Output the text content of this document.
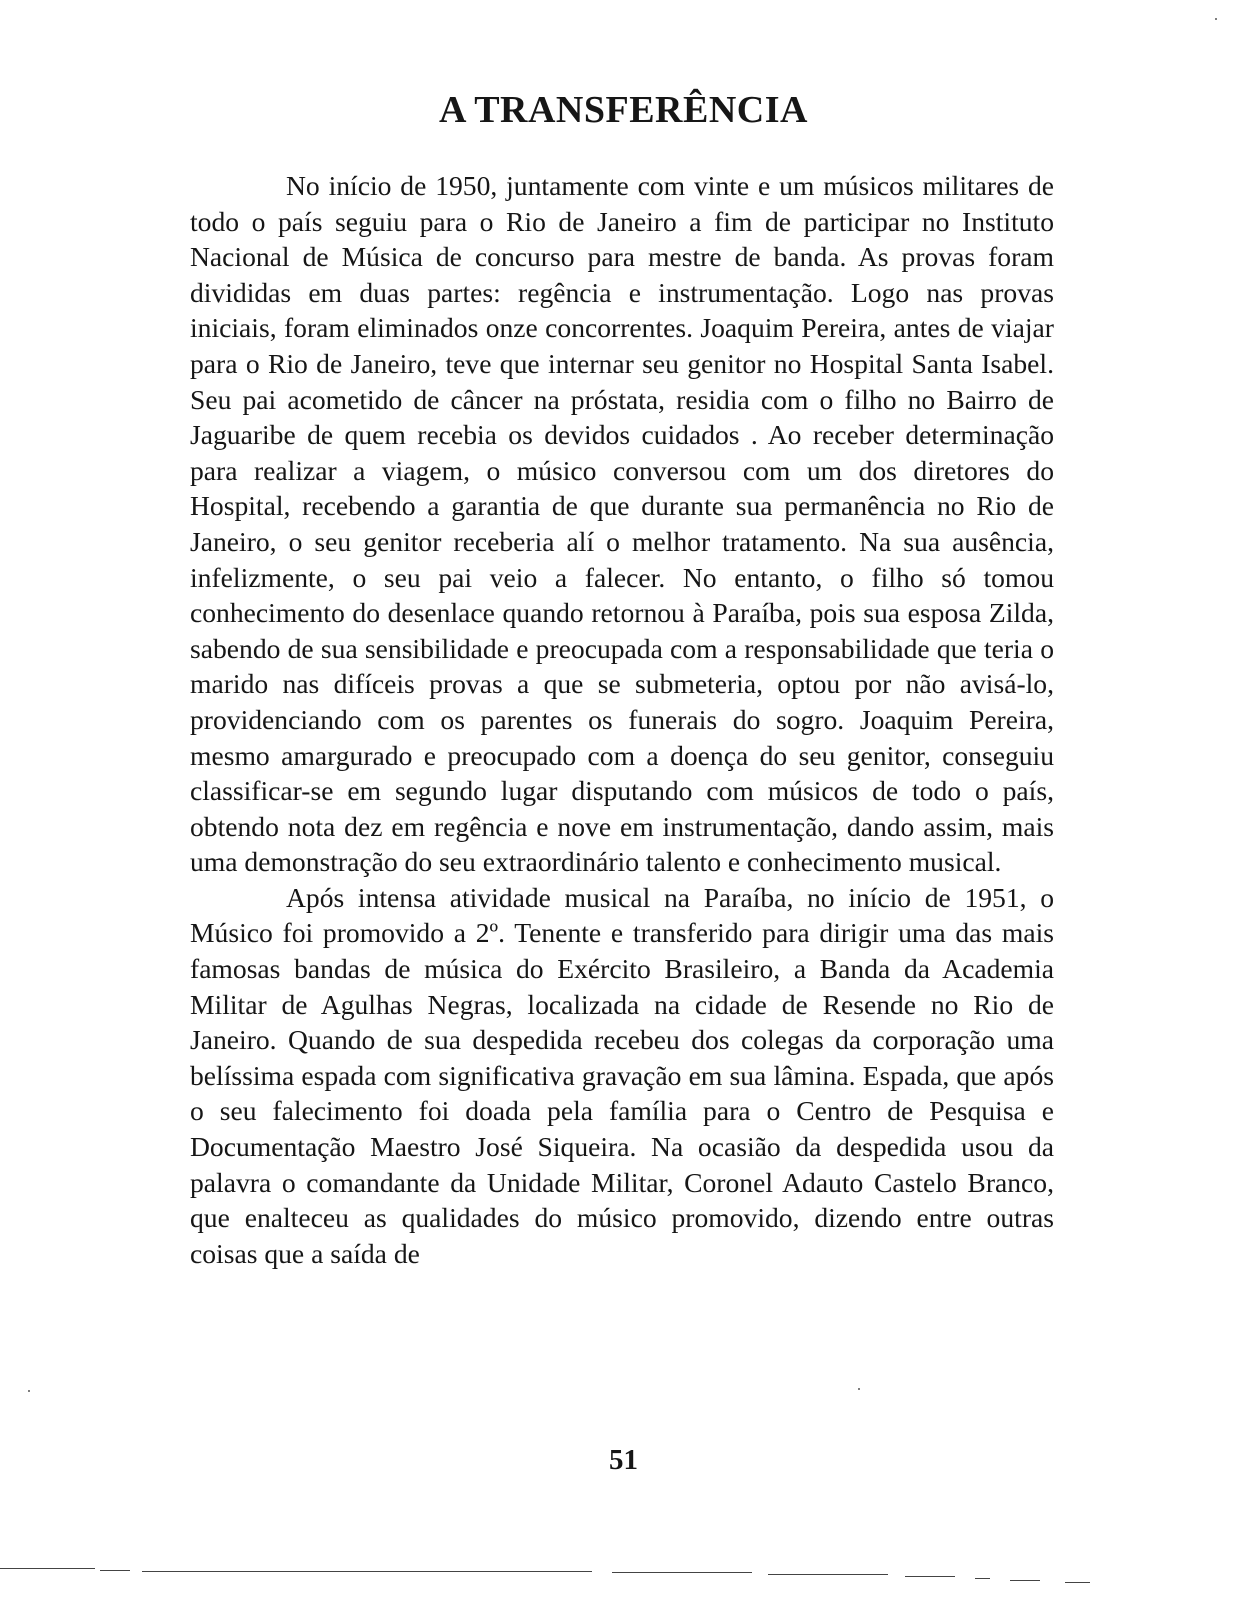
A TRANSFERÊNCIA

No início de 1950, juntamente com vinte e um músicos militares de todo o país seguiu para o Rio de Janeiro a fim de participar no Instituto Nacional de Música de concurso para mestre de banda. As provas foram divididas em duas partes: regência e instrumentação. Logo nas provas iniciais, foram eliminados onze concorrentes. Joaquim Pereira, antes de viajar para o Rio de Janeiro, teve que internar seu genitor no Hospital Santa Isabel. Seu pai acometido de câncer na próstata, residia com o filho no Bairro de Jaguaribe de quem recebia os devidos cuidados . Ao receber determinação para realizar a viagem, o músico conversou com um dos diretores do Hospital, recebendo a garantia de que durante sua permanência no Rio de Janeiro, o seu genitor receberia alí o melhor tratamento. Na sua ausência, infelizmente, o seu pai veio a falecer. No entanto, o filho só tomou conhecimento do desenlace quando retornou à Paraíba, pois sua esposa Zilda, sabendo de sua sensibilidade e preocupada com a responsabilidade que teria o marido nas difíceis provas a que se submeteria, optou por não avisá-lo, providenciando com os parentes os funerais do sogro. Joaquim Pereira, mesmo amargurado e preocupado com a doença do seu genitor, conseguiu classificar-se em segundo lugar disputando com músicos de todo o país, obtendo nota dez em regência e nove em instrumentação, dando assim, mais uma demonstração do seu extraordinário talento e conhecimento musical.

Após intensa atividade musical na Paraíba, no início de 1951, o Músico foi promovido a 2º. Tenente e transferido para dirigir uma das mais famosas bandas de música do Exército Brasileiro, a Banda da Academia Militar de Agulhas Negras, localizada na cidade de Resende no Rio de Janeiro. Quando de sua despedida recebeu dos colegas da corporação uma belíssima espada com significativa gravação em sua lâmina. Espada, que após o seu falecimento foi doada pela família para o Centro de Pesquisa e Documentação Maestro José Siqueira. Na ocasião da despedida usou da palavra o comandante da Unidade Militar, Coronel Adauto Castelo Branco, que enalteceu as qualidades do músico promovido, dizendo entre outras coisas que a saída de

51
